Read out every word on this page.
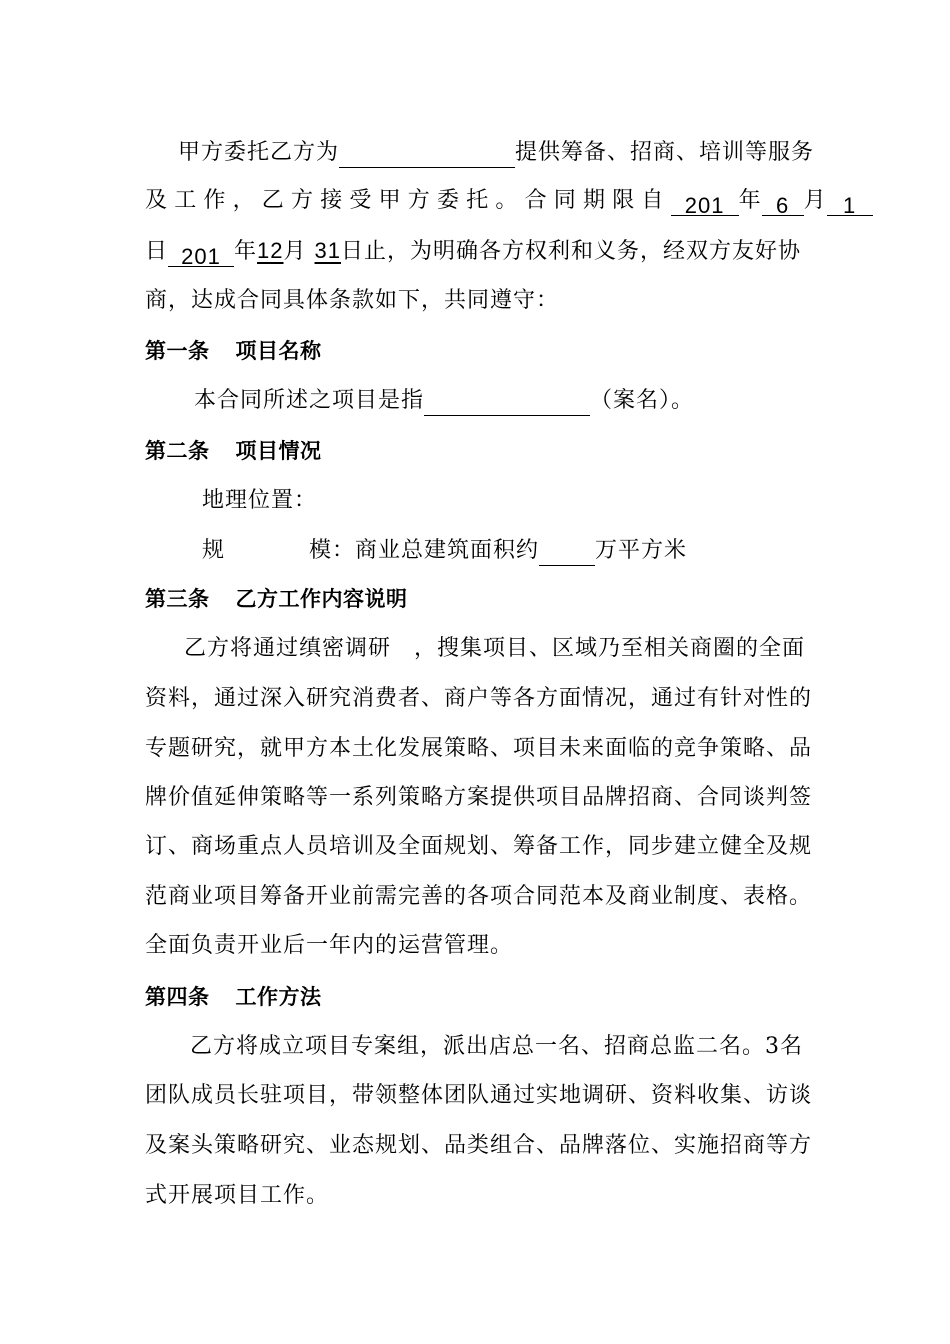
甲方委托乙方为	提供筹备、招商、培训等服务
及工作，乙方接受甲方委托。合同期限自 201 年 6 月 1
日 201 年12月 31日止，为明确各方权利和义务，经双方友好协
商，达成合同具体条款如下，共同遵守：
第一条 项目名称
本合同所述之项目是指	（案名）。
第二条 项目情况
地理位置：
规	模：商业总建筑面积约	万平方米
第三条 乙方工作内容说明
乙方将通过缜密调研　，搜集项目、区域乃至相关商圈的全面
资料，通过深入研究消费者、商户等各方面情况，通过有针对性的
专题研究，就甲方本土化发展策略、项目未来面临的竞争策略、品
牌价值延伸策略等一系列策略方案提供项目品牌招商、合同谈判签
订、商场重点人员培训及全面规划、筹备工作，同步建立健全及规
范商业项目筹备开业前需完善的各项合同范本及商业制度、表格。
全面负责开业后一年内的运营管理。
第四条 工作方法
乙方将成立项目专案组，派出店总一名、招商总监二名。3名
团队成员长驻项目，带领整体团队通过实地调研、资料收集、访谈
及案头策略研究、业态规划、品类组合、品牌落位、实施招商等方
式开展项目工作。
